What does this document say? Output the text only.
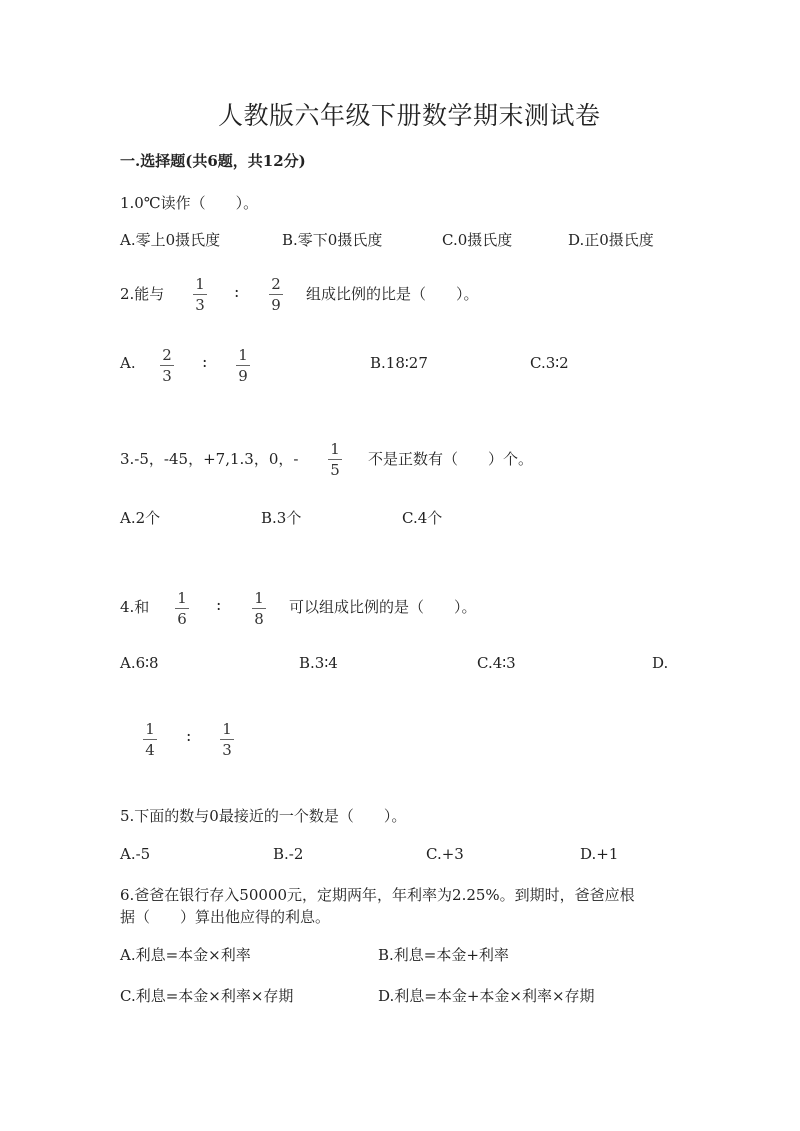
人教版六年级下册数学期末测试卷
一.选择题(共6题，共12分)
1.0℃读作（　　）。
A.零上0摄氏度	B.零下0摄氏度	C.0摄氏度	D.正0摄氏度
2.能与
1
3
:	2
9
组成比例的比是（　　）。
A.	2
3
:	1
9
B.18∶27	C.3∶2
3.-5，-45，+7,1.3，0，-
1
5
不是正数有（　　）个。
A.2个	B.3个	C.4个
4.和	1
6
:	1
8
可以组成比例的是（　　）。
A.6∶8	B.3∶4	C.4∶3	D.
1
4
:	1
3
5.下面的数与0最接近的一个数是（　　）。
A.-5	B.-2	C.+3	D.+1
6.爸爸在银行存入50000元，定期两年，年利率为2.25%。到期时，爸爸应根
据（　　）算出他应得的利息。
A.利息=本金×利率	B.利息=本金+利率
C.利息=本金×利率×存期	D.利息=本金+本金×利率×存期
